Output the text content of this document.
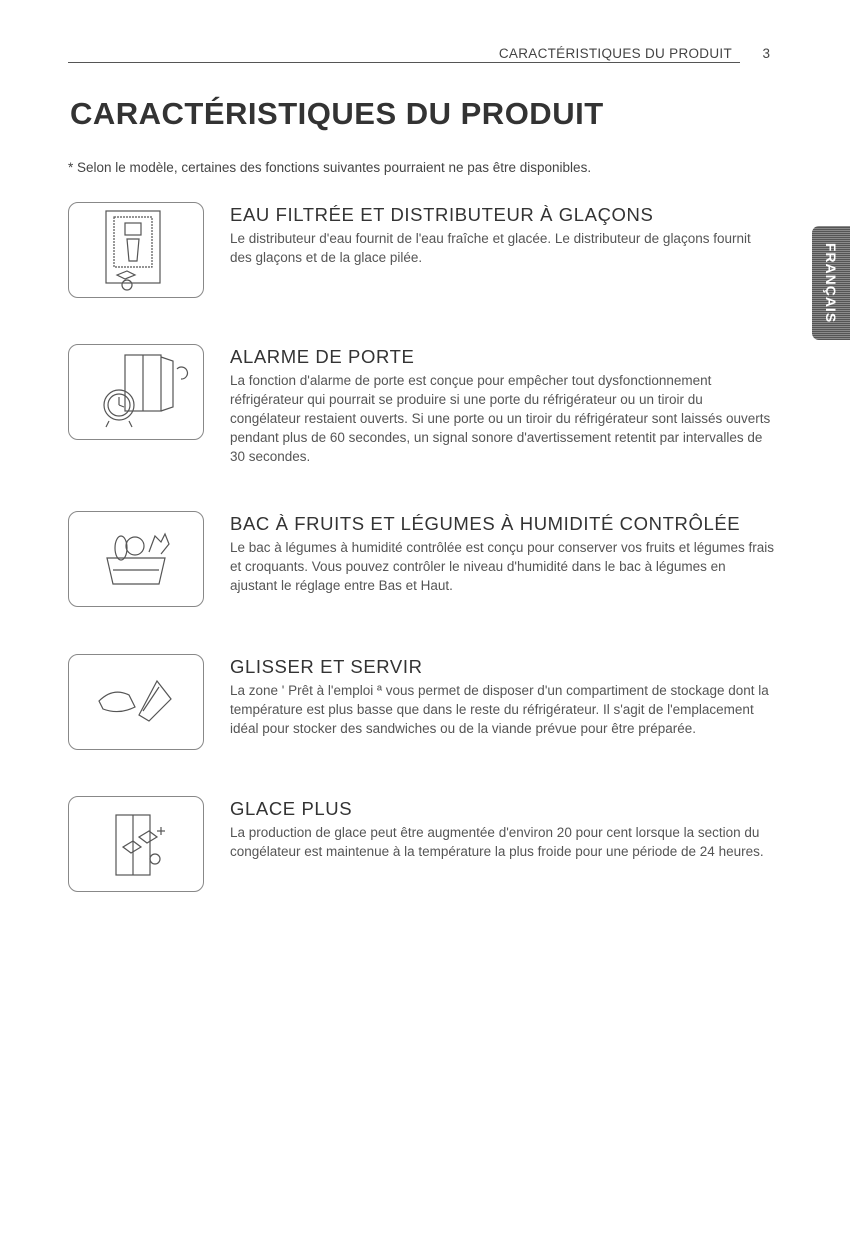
CARACTÉRISTIQUES DU PRODUIT 3
CARACTÉRISTIQUES DU PRODUIT

* Selon le modèle, certaines des fonctions suivantes pourraient ne pas être disponibles.

FRANÇAIS
EAU FILTRÉE ET DISTRIBUTEUR À GLAÇONS

Le distributeur d'eau fournit de l'eau fraîche et glacée. Le distributeur de glaçons fournit des glaçons et de la glace pilée.

ALARME DE PORTE

La fonction d'alarme de porte est conçue pour empêcher tout dysfonctionnement réfrigérateur qui pourrait se produire si une porte du réfrigérateur ou un tiroir du congélateur restaient ouverts. Si une porte ou un tiroir du réfrigérateur sont laissés ouverts pendant plus de 60 secondes, un signal sonore d'avertissement retentit par intervalles de 30 secondes.

BAC À FRUITS ET LÉGUMES À HUMIDITÉ CONTRÔLÉE

Le bac à légumes à humidité contrôlée est conçu pour conserver vos fruits et légumes frais et croquants. Vous pouvez contrôler le niveau d'humidité dans le bac à légumes en ajustant le réglage entre Bas et Haut.

GLISSER ET SERVIR

La zone ' Prêt à l'emploi ª vous permet de disposer d'un compartiment de stockage dont la température est plus basse que dans le reste du réfrigérateur. Il s'agit de l'emplacement idéal pour stocker des sandwiches ou de la viande prévue pour être préparée.

GLACE PLUS

La production de glace peut être augmentée d'environ 20 pour cent lorsque la section du congélateur est maintenue à la température la plus froide pour une période de 24 heures.
